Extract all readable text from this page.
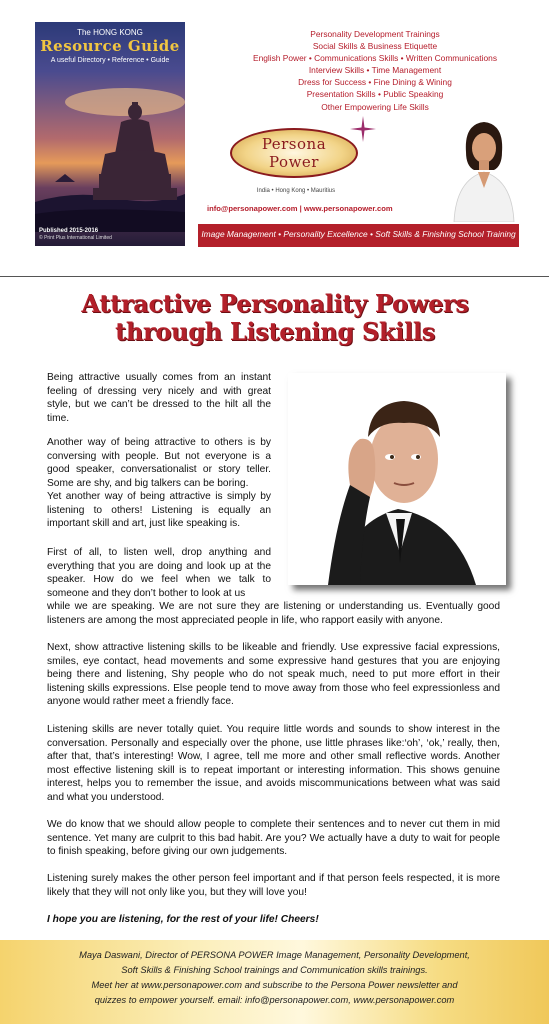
The HONG KONG
Resource Guide
A useful Directory • Reference • Guide
Published 2015-2016
© Print Plus International Limited
Personality Development Trainings
Social Skills & Business Etiquette
English Power • Communications Skills • Written Communications
Interview Skills • Time Management
Dress for Success • Fine Dining & Wining
Presentation Skills • Public Speaking
Other Empowering Life Skills
Persona
Power
India • Hong Kong • Mauritius
info@personapower.com | www.personapower.com
Image Management • Personality Excellence • Soft Skills & Finishing School Training
Attractive Personality Powers
through Listening Skills
Being attractive usually comes from an instant feeling of dressing very nicely and with great style, but we can’t be dressed to the hilt all the time.
Another way of being attractive to others is by conversing with people. But not everyone is a good speaker, conversationalist or story teller. Some are shy, and big talkers can be boring.
Yet another way of being attractive is simply by listening to others! Listening is equally an important skill and art, just like speaking is.
First of all, to listen well, drop anything and everything that you are doing and look up at the speaker. How do we feel when we talk to someone and they don’t bother to look at us
while we are speaking. We are not sure they are listening or understanding us. Eventually good listeners are among the most appreciated people in life, who rapport easily with anyone.
Next, show attractive listening skills to be likeable and friendly. Use expressive facial expressions, smiles, eye contact, head movements and some expressive hand gestures that you are enjoying being there and listening, Shy people who do not speak much, need to put more effort in their listening skills expressions. Else people tend to move away from those who feel expressionless and anyone would rather meet a friendly face.
Listening skills are never totally quiet. You require little words and sounds to show interest in the conversation. Personally and especially over the phone, use little phrases like:‘oh’, ‘ok,’ really, then, after that, that’s interesting! Wow, I agree, tell me more and other small reflective words. Another most effective listening skill is to repeat important or interesting information. This shows genuine interest, helps you to remember the issue, and avoids miscommunications between what was said and what you understood.
We do know that we should allow people to complete their sentences and to never cut them in mid sentence. Yet many are culprit to this bad habit. Are you? We actually have a duty to wait for people to finish speaking, before giving our own judgements.
Listening surely makes the other person feel important and if that person feels respected, it is more likely that they will not only like you, but they will love you!
I hope you are listening, for the rest of your life! Cheers!
Maya Daswani, Director of PERSONA POWER Image Management, Personality Development,
Soft Skills & Finishing School trainings and Communication skills trainings.
Meet her at www.personapower.com and subscribe to the Persona Power newsletter and
quizzes to empower yourself. email: info@personapower.com, www.personapower.com
